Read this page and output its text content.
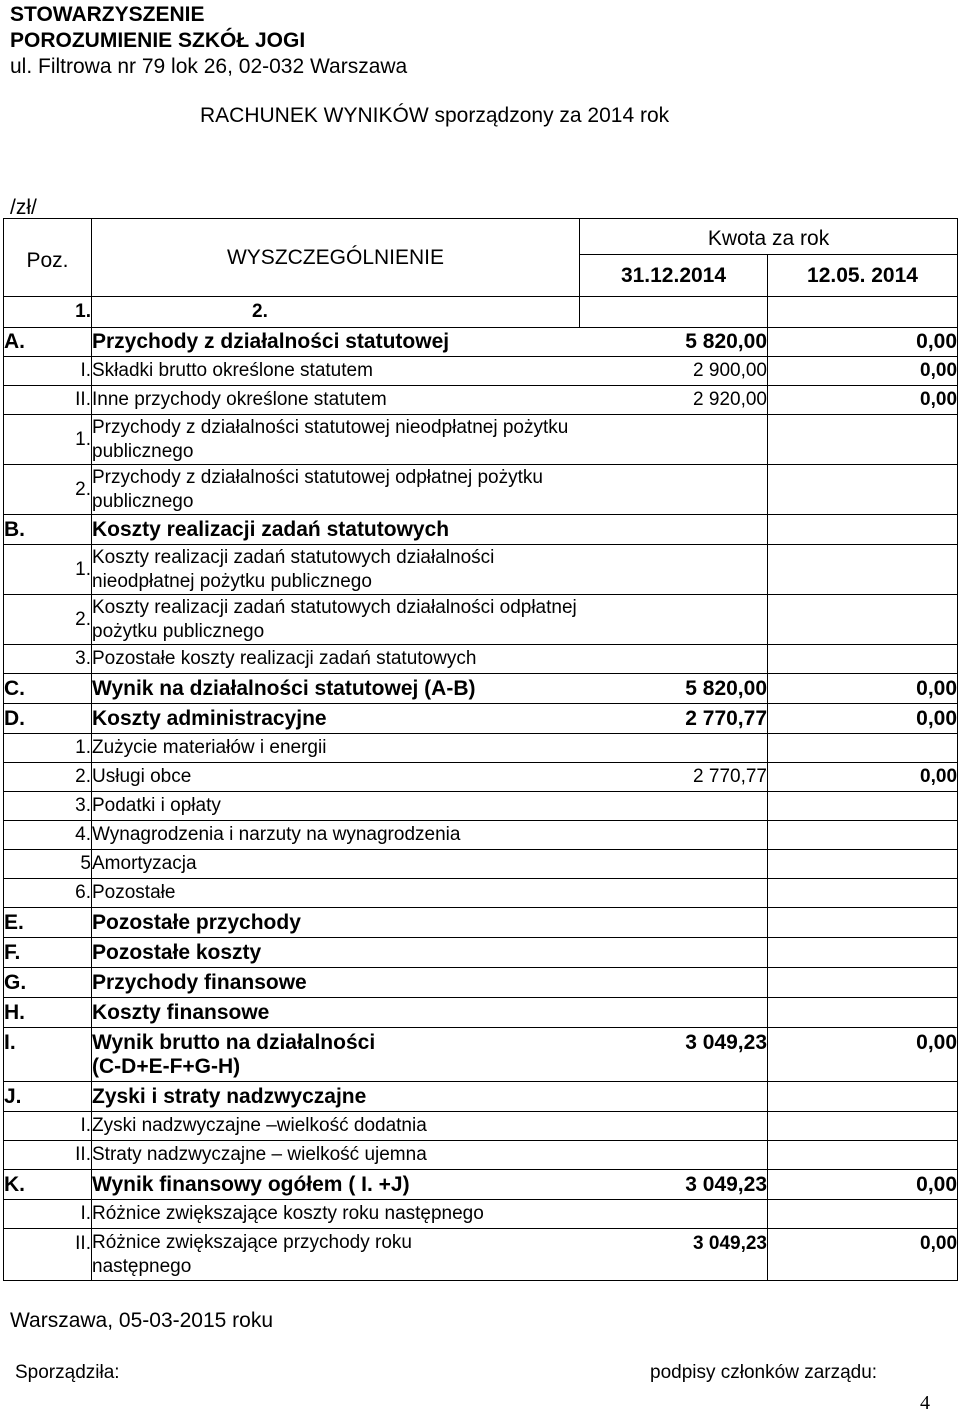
STOWARZYSZENIE
POROZUMIENIE SZKÓŁ JOGI
ul. Filtrowa nr 79 lok 26, 02-032 Warszawa
RACHUNEK WYNIKÓW sporządzony za 2014 rok
/zł/
Poz.	WYSZCZEGÓLNIENIE	Kwota za rok	
		31.12.2014	12.05. 2014
1.	2.		
A.	Przychody z działalności statutowej	5 820,00	0,00
I.	Składki brutto określone statutem	2 900,00	0,00
II.	Inne przychody określone statutem	2 920,00	0,00
1.	Przychody z działalności statutowej nieodpłatnej pożytku publicznego		
2.	Przychody z działalności statutowej odpłatnej pożytku publicznego		
B.	Koszty realizacji zadań statutowych		
1.	Koszty realizacji zadań statutowych działalności nieodpłatnej pożytku publicznego		
2.	Koszty realizacji zadań statutowych działalności odpłatnej pożytku publicznego		
3.	Pozostałe koszty realizacji zadań statutowych		
C.	Wynik na działalności statutowej (A-B)	5 820,00	0,00
D.	Koszty administracyjne	2 770,77	0,00
1.	Zużycie materiałów i energii		
2.	Usługi obce	2 770,77	0,00
3.	Podatki i opłaty		
4.	Wynagrodzenia i narzuty na wynagrodzenia		
5	Amortyzacja		
6.	Pozostałe		
E.	Pozostałe przychody		
F.	Pozostałe koszty		
G.	Przychody finansowe		
H.	Koszty finansowe		
I.	Wynik brutto na działalności (C-D+E-F+G-H)	3 049,23	0,00
J.	Zyski i straty nadzwyczajne		
I.	Zyski nadzwyczajne –wielkość dodatnia		
II.	Straty nadzwyczajne – wielkość ujemna		
K.	Wynik finansowy ogółem ( I. +J)	3 049,23	0,00
I.	Różnice zwiększające koszty roku następnego		
II.	Różnice zwiększające przychody roku następnego	3 049,23	0,00
Warszawa, 05-03-2015 roku
Sporządziła:	podpisy członków zarządu:
4
